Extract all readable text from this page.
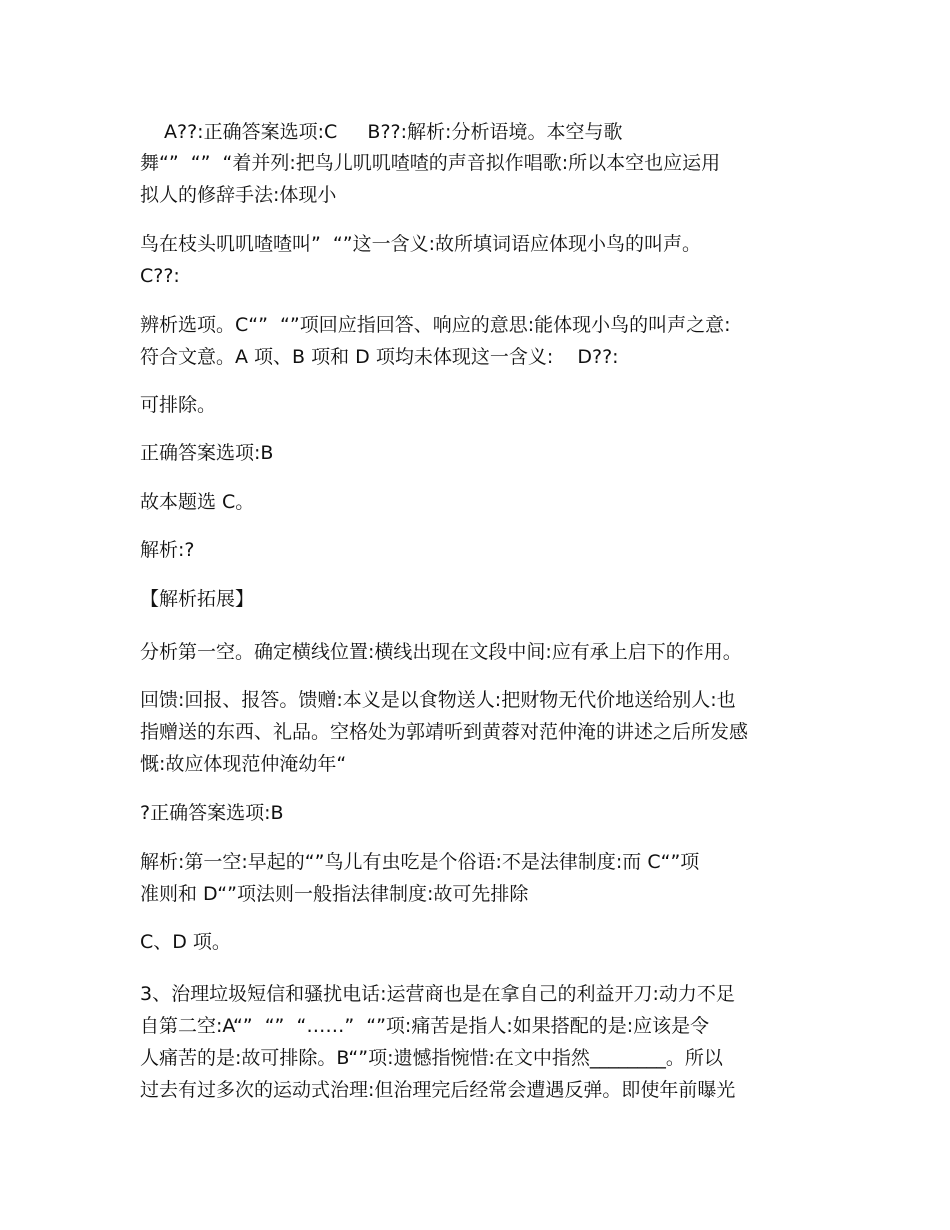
A??:正确答案选项:C     B??:解析:分析语境。本空与歌
舞“”  “”  “着并列:把鸟儿叽叽喳喳的声音拟作唱歌:所以本空也应运用
拟人的修辞手法:体现小
鸟在枝头叽叽喳喳叫”  “”这一含义:故所填词语应体现小鸟的叫声。
C??:
辨析选项。C“”  “”项回应指回答、响应的意思:能体现小鸟的叫声之意:
符合文意。A 项、B 项和 D 项均未体现这一含义:    D??:
可排除。
正确答案选项:B
故本题选 C。
解析:?
【解析拓展】
分析第一空。确定横线位置:横线出现在文段中间:应有承上启下的作用。
回馈:回报、报答。馈赠:本义是以食物送人:把财物无代价地送给别人:也
指赠送的东西、礼品。空格处为郭靖听到黄蓉对范仲淹的讲述之后所发感
慨:故应体现范仲淹幼年“
?正确答案选项:B
解析:第一空:早起的“”鸟儿有虫吃是个俗语:不是法律制度:而 C“”项
准则和 D“”项法则一般指法律制度:故可先排除
C、D 项。
3、治理垃圾短信和骚扰电话:运营商也是在拿自己的利益开刀:动力不足
自第二空:A“”  “”  “……”  “”项:痛苦是指人:如果搭配的是:应该是令
人痛苦的是:故可排除。B“”项:遗憾指惋惜:在文中指然________。所以
过去有过多次的运动式治理:但治理完后经常会遭遇反弹。即使年前曝光
